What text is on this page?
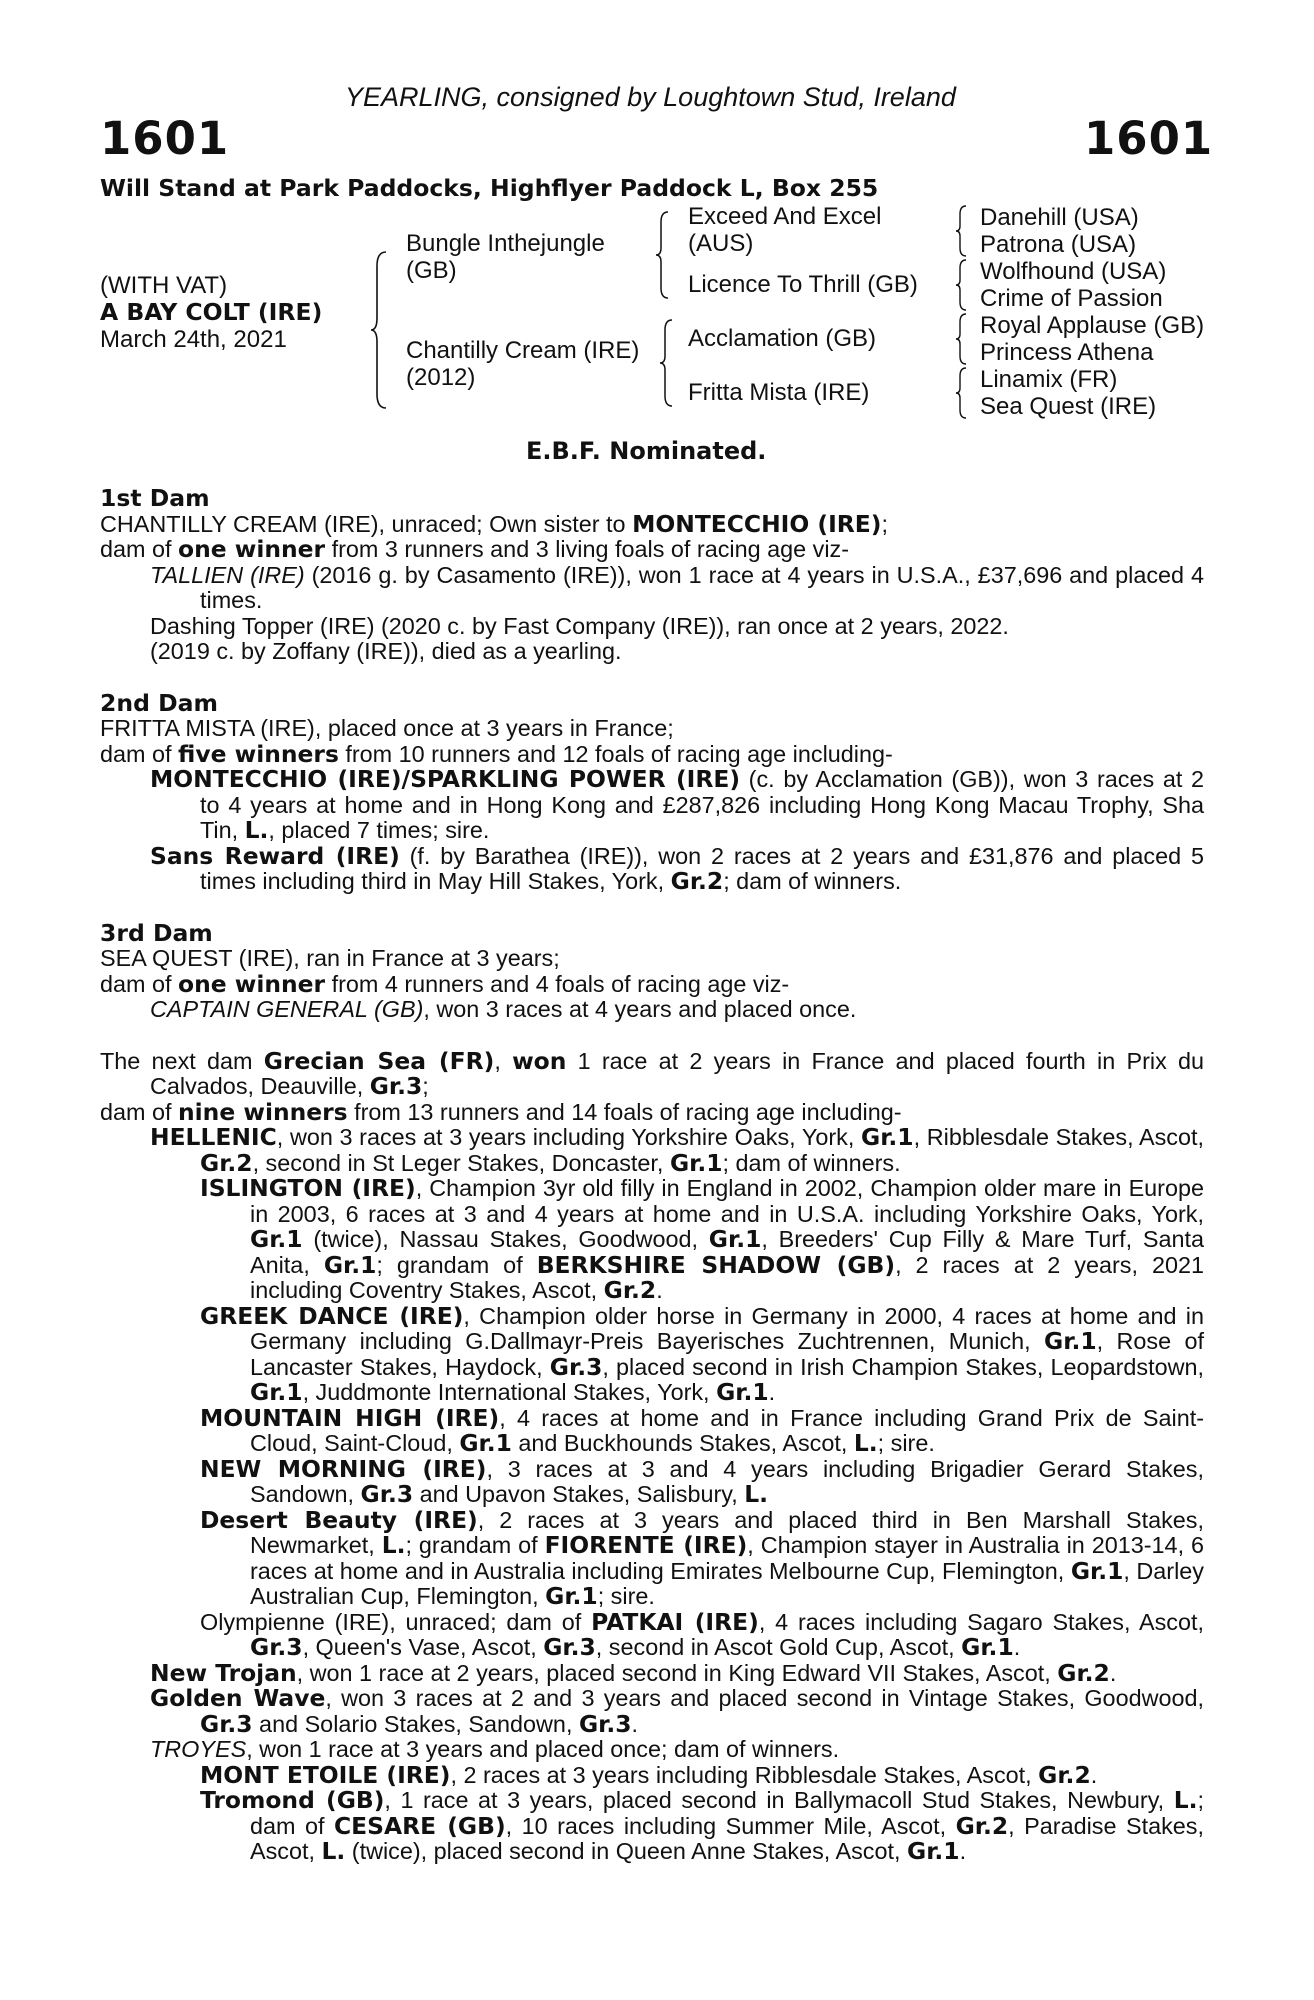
YEARLING, consigned by Loughtown Stud, Ireland
1601	1601
Will Stand at Park Paddocks, Highflyer Paddock L, Box 255
(WITH VAT)
A BAY COLT (IRE)
March 24th, 2021
Bungle Inthejungle
(GB)
Chantilly Cream (IRE)
(2012)
Exceed And Excel
(AUS)
Licence To Thrill (GB)
Acclamation (GB)
Fritta Mista (IRE)
Danehill (USA)
Patrona (USA)
Wolfhound (USA)
Crime of Passion
Royal Applause (GB)
Princess Athena
Linamix (FR)
Sea Quest (IRE)
E.B.F. Nominated.
1st Dam
CHANTILLY CREAM (IRE), unraced; Own sister to MONTECCHIO (IRE);
dam of one winner from 3 runners and 3 living foals of racing age viz-
TALLIEN (IRE) (2016 g. by Casamento (IRE)), won 1 race at 4 years in U.S.A., £37,696 and placed 4 times.
Dashing Topper (IRE) (2020 c. by Fast Company (IRE)), ran once at 2 years, 2022.
(2019 c. by Zoffany (IRE)), died as a yearling.
2nd Dam
FRITTA MISTA (IRE), placed once at 3 years in France;
dam of five winners from 10 runners and 12 foals of racing age including-
MONTECCHIO (IRE)/SPARKLING POWER (IRE) (c. by Acclamation (GB)), won 3 races at 2 to 4 years at home and in Hong Kong and £287,826 including Hong Kong Macau Trophy, Sha Tin, L., placed 7 times; sire.
Sans Reward (IRE) (f. by Barathea (IRE)), won 2 races at 2 years and £31,876 and placed 5 times including third in May Hill Stakes, York, Gr.2; dam of winners.
3rd Dam
SEA QUEST (IRE), ran in France at 3 years;
dam of one winner from 4 runners and 4 foals of racing age viz-
CAPTAIN GENERAL (GB), won 3 races at 4 years and placed once.
The next dam Grecian Sea (FR), won 1 race at 2 years in France and placed fourth in Prix du Calvados, Deauville, Gr.3;
dam of nine winners from 13 runners and 14 foals of racing age including-
HELLENIC, won 3 races at 3 years including Yorkshire Oaks, York, Gr.1, Ribblesdale Stakes, Ascot, Gr.2, second in St Leger Stakes, Doncaster, Gr.1; dam of winners.
ISLINGTON (IRE), Champion 3yr old filly in England in 2002, Champion older mare in Europe in 2003, 6 races at 3 and 4 years at home and in U.S.A. including Yorkshire Oaks, York, Gr.1 (twice), Nassau Stakes, Goodwood, Gr.1, Breeders' Cup Filly & Mare Turf, Santa Anita, Gr.1; grandam of BERKSHIRE SHADOW (GB), 2 races at 2 years, 2021 including Coventry Stakes, Ascot, Gr.2.
GREEK DANCE (IRE), Champion older horse in Germany in 2000, 4 races at home and in Germany including G.Dallmayr-Preis Bayerisches Zuchtrennen, Munich, Gr.1, Rose of Lancaster Stakes, Haydock, Gr.3, placed second in Irish Champion Stakes, Leopardstown, Gr.1, Juddmonte International Stakes, York, Gr.1.
MOUNTAIN HIGH (IRE), 4 races at home and in France including Grand Prix de Saint-Cloud, Saint-Cloud, Gr.1 and Buckhounds Stakes, Ascot, L.; sire.
NEW MORNING (IRE), 3 races at 3 and 4 years including Brigadier Gerard Stakes, Sandown, Gr.3 and Upavon Stakes, Salisbury, L.
Desert Beauty (IRE), 2 races at 3 years and placed third in Ben Marshall Stakes, Newmarket, L.; grandam of FIORENTE (IRE), Champion stayer in Australia in 2013-14, 6 races at home and in Australia including Emirates Melbourne Cup, Flemington, Gr.1, Darley Australian Cup, Flemington, Gr.1; sire.
Olympienne (IRE), unraced; dam of PATKAI (IRE), 4 races including Sagaro Stakes, Ascot, Gr.3, Queen's Vase, Ascot, Gr.3, second in Ascot Gold Cup, Ascot, Gr.1.
New Trojan, won 1 race at 2 years, placed second in King Edward VII Stakes, Ascot, Gr.2.
Golden Wave, won 3 races at 2 and 3 years and placed second in Vintage Stakes, Goodwood, Gr.3 and Solario Stakes, Sandown, Gr.3.
TROYES, won 1 race at 3 years and placed once; dam of winners.
MONT ETOILE (IRE), 2 races at 3 years including Ribblesdale Stakes, Ascot, Gr.2.
Tromond (GB), 1 race at 3 years, placed second in Ballymacoll Stud Stakes, Newbury, L.; dam of CESARE (GB), 10 races including Summer Mile, Ascot, Gr.2, Paradise Stakes, Ascot, L. (twice), placed second in Queen Anne Stakes, Ascot, Gr.1.
